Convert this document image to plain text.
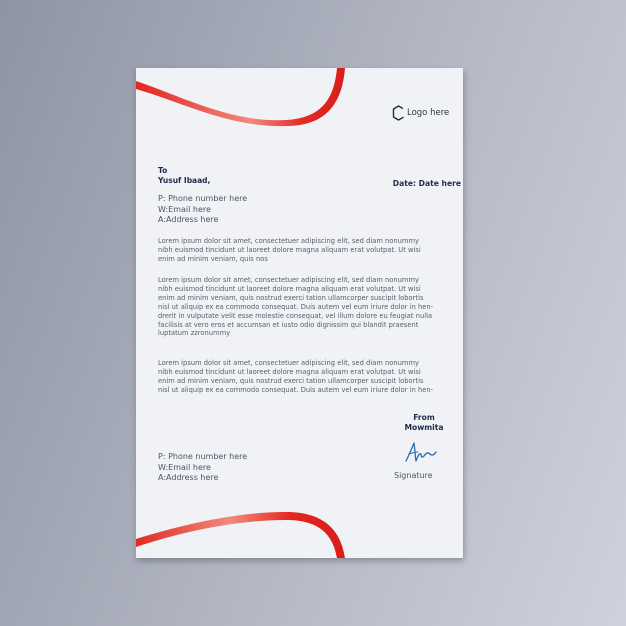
Logo here
To
Yusuf Ibaad,	Date: Date here
P: Phone number here
W:Email here
A:Address here
Lorem ipsum dolor sit amet, consectetuer adipiscing elit, sed diam nonummy
nibh euismod tincidunt ut laoreet dolore magna aliquam erat volutpat. Ut wisi
enim ad minim veniam, quis nos
Lorem ipsum dolor sit amet, consectetuer adipiscing elit, sed diam nonummy
nibh euismod tincidunt ut laoreet dolore magna aliquam erat volutpat. Ut wisi
enim ad minim veniam, quis nostrud exerci tation ullamcorper suscipit lobortis
nisl ut aliquip ex ea commodo consequat. Duis autem vel eum iriure dolor in hen-
drerit in vulputate velit esse molestie consequat, vel illum dolore eu feugiat nulla
facilisis at vero eros et accumsan et iusto odio dignissim qui blandit praesent
luptatum zzronummy
Lorem ipsum dolor sit amet, consectetuer adipiscing elit, sed diam nonummy
nibh euismod tincidunt ut laoreet dolore magna aliquam erat volutpat. Ut wisi
enim ad minim veniam, quis nostrud exerci tation ullamcorper suscipit lobortis
nisl ut aliquip ex ea commodo consequat. Duis autem vel eum iriure dolor in hen-
From
Mowmita
Signature
P: Phone number here
W:Email here
A:Address here
